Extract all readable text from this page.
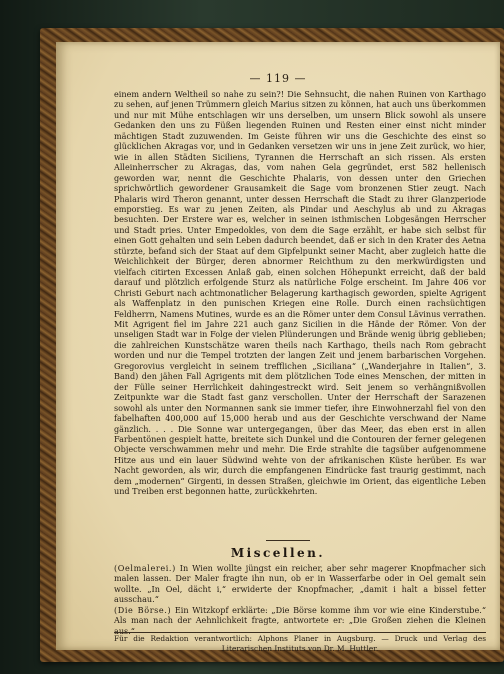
— 119 —

einem andern Weltheil so nahe zu sein?! Die Sehnsucht, die nahen Ruinen von Karthago zu sehen, auf jenen Trümmern gleich Marius sitzen zu können, hat auch uns überkommen und nur mit Mühe entschlagen wir uns derselben, um unsern Blick sowohl als unsere Gedanken den uns zu Füßen liegenden Ruinen und Resten einer einst nicht minder mächtigen Stadt zuzuwenden. Im Geiste führen wir uns die Geschichte des einst so glücklichen Akragas vor, und in Gedanken versetzen wir uns in jene Zeit zurück, wo hier, wie in allen Städten Siciliens, Tyrannen die Herrschaft an sich rissen. Als ersten Alleinherrscher zu Akragas, das, vom nahen Gela gegründet, erst 582 hellenisch geworden war, nennt die Geschichte Phalaris, von dessen unter den Griechen sprichwörtlich gewordener Grausamkeit die Sage vom bronzenen Stier zeugt. Nach Phalaris wird Theron genannt, unter dessen Herrschaft die Stadt zu ihrer Glanzperiode emporstieg. Es war zu jenen Zeiten, als Pindar und Aeschylus ab und zu Akragas besuchten. Der Erstere war es, welcher in seinen isthmischen Lobgesängen Herrscher und Stadt pries. Unter Empedokles, von dem die Sage erzählt, er habe sich selbst für einen Gott gehalten und sein Leben dadurch beendet, daß er sich in den Krater des Aetna stürzte, befand sich der Staat auf dem Gipfelpunkt seiner Macht, aber zugleich hatte die Weichlichkeit der Bürger, deren abnormer Reichthum zu den merkwürdigsten und vielfach citirten Excessen Anlaß gab, einen solchen Höhepunkt erreicht, daß der bald darauf und plötzlich erfolgende Sturz als natürliche Folge erscheint. Im Jahre 406 vor Christi Geburt nach achtmonatlicher Belagerung karthagisch geworden, spielte Agrigent als Waffenplatz in den punischen Kriegen eine Rolle. Durch einen rachsüchtigen Feldherrn, Namens Mutines, wurde es an die Römer unter dem Consul Lävinus verrathen. Mit Agrigent fiel im Jahre 221 auch ganz Sicilien in die Hände der Römer. Von der unseligen Stadt war in Folge der vielen Plünderungen und Brände wenig übrig geblieben; die zahlreichen Kunstschätze waren theils nach Karthago, theils nach Rom gebracht worden und nur die Tempel trotzten der langen Zeit und jenem barbarischen Vorgehen. Gregorovius vergleicht in seinem trefflichen „Siciliana“ („Wanderjahre in Italien“, 3. Band) den jähen Fall Agrigents mit dem plötzlichen Tode eines Menschen, der mitten in der Fülle seiner Herrlichkeit dahingestreckt wird. Seit jenem so verhängnißvollen Zeitpunkte war die Stadt fast ganz verschollen. Unter der Herrschaft der Sarazenen sowohl als unter den Normannen sank sie immer tiefer, ihre Einwohnerzahl fiel von den fabelhaften 400,000 auf 15,000 herab und aus der Geschichte verschwand der Name gänzlich. . . . Die Sonne war untergegangen, über das Meer, das eben erst in allen Farbentönen gespielt hatte, breitete sich Dunkel und die Contouren der ferner gelegenen Objecte verschwammen mehr und mehr. Die Erde strahlte die tagsüber aufgenommene Hitze aus und ein lauer Südwind wehte von der afrikanischen Küste herüber. Es war Nacht geworden, als wir, durch die empfangenen Eindrücke fast traurig gestimmt, nach dem „modernen“ Girgenti, in dessen Straßen, gleichwie im Orient, das eigentliche Leben und Treiben erst begonnen hatte, zurückkehrten.

Miscellen.

(Oelmalerei.) In Wien wollte jüngst ein reicher, aber sehr magerer Knopfmacher sich malen lassen. Der Maler fragte ihn nun, ob er in Wasserfarbe oder in Oel gemalt sein wollte. „In Oel, dächt i,“ erwiderte der Knopfmacher, „damit i halt a bissel fetter ausschau.“

(Die Börse.) Ein Witzkopf erklärte: „Die Börse komme ihm vor wie eine Kinderstube.“ Als man nach der Aehnlichkeit fragte, antwortete er: „Die Großen ziehen die Kleinen aus.“

Für die Redaktion verantwortlich: Alphons Planer in Augsburg. — Druck und Verlag des
Literarischen Instituts von Dr. M. Huttler.
